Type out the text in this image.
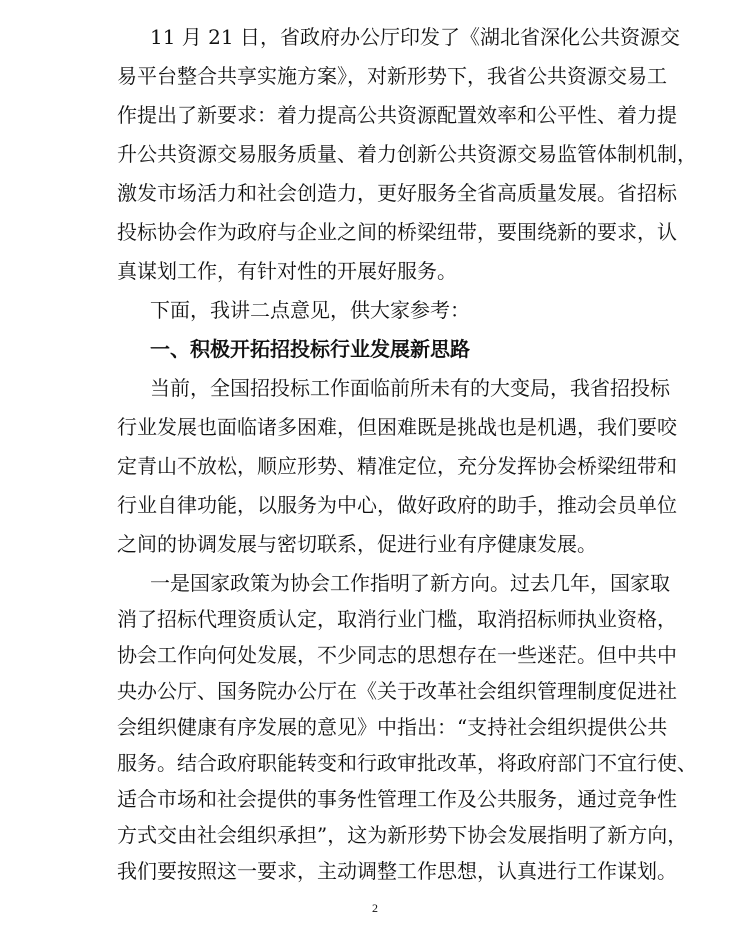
11 月 21 日，省政府办公厅印发了《湖北省深化公共资源交
易平台整合共享实施方案》，对新形势下，我省公共资源交易工
作提出了新要求：着力提高公共资源配置效率和公平性、着力提
升公共资源交易服务质量、着力创新公共资源交易监管体制机制，
激发市场活力和社会创造力，更好服务全省高质量发展。省招标
投标协会作为政府与企业之间的桥梁纽带，要围绕新的要求，认
真谋划工作，有针对性的开展好服务。
下面，我讲二点意见，供大家参考：
一、积极开拓招投标行业发展新思路
当前，全国招投标工作面临前所未有的大变局，我省招投标
行业发展也面临诸多困难，但困难既是挑战也是机遇，我们要咬
定青山不放松，顺应形势、精准定位，充分发挥协会桥梁纽带和
行业自律功能，以服务为中心，做好政府的助手，推动会员单位
之间的协调发展与密切联系，促进行业有序健康发展。
一是国家政策为协会工作指明了新方向。过去几年，国家取
消了招标代理资质认定，取消行业门槛，取消招标师执业资格，
协会工作向何处发展，不少同志的思想存在一些迷茫。但中共中
央办公厅、国务院办公厅在《关于改革社会组织管理制度促进社
会组织健康有序发展的意见》中指出：“支持社会组织提供公共
服务。结合政府职能转变和行政审批改革，将政府部门不宜行使、
适合市场和社会提供的事务性管理工作及公共服务，通过竞争性
方式交由社会组织承担”，这为新形势下协会发展指明了新方向，
我们要按照这一要求，主动调整工作思想，认真进行工作谋划。
2
